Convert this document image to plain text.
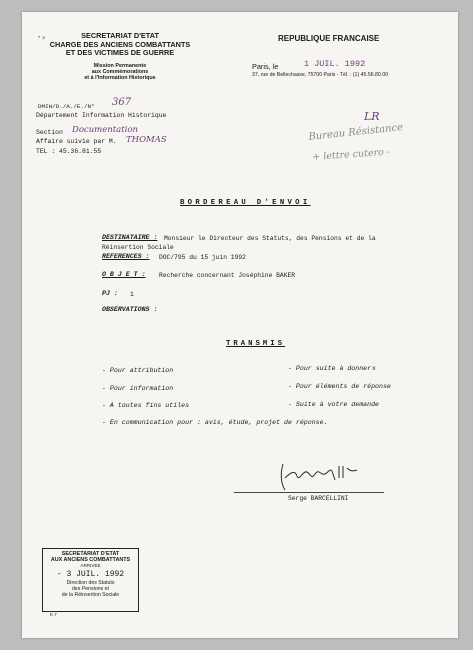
SECRETARIAT D'ETAT
CHARGE DES ANCIENS COMBATTANTS
ET DES VICTIMES DE GUERRE
Mission Permanente
aux Commémorations
et à l'Information Historique
* ×	REPUBLIQUE FRANCAISE
Paris, le	1 JUIL. 1992
37, rue de Bellechasse, 75700 Paris - Tél. : (1) 45.56.80.00
DMIH/D./A./E./N° 367
Département Information Historique
Section Documentation
Affaire suivie par M. THOMAS
TEL : 45.36.81.55
LR
Bureau Résistance
+ lettre cutero -
BORDEREAU D'ENVOI
DESTINATAIRE : Monsieur le Directeur des Statuts, des Pensions et de la
Réinsertion Sociale
REFERENCES : DOC/795 du 15 juin 1992
O B J E T : Recherche concernant Joséphine BAKER
PJ : 1
OBSERVATIONS :
TRANSMIS
- Pour attribution
- Pour information
- A toutes fins utiles
- Pour suite à donner x
- Pour éléments de réponse
- Suite à votre demande
- En communication pour : avis, étude, projet de réponse.
Serge BARCELLINI
SECRETARIAT D'ETAT
AUX ANCIENS COMBATTANTS
ARRIVEE
- 3 JUIL. 1992
Direction des Statuts
des Pensions et
de la Réinsertion Sociale
K 7
